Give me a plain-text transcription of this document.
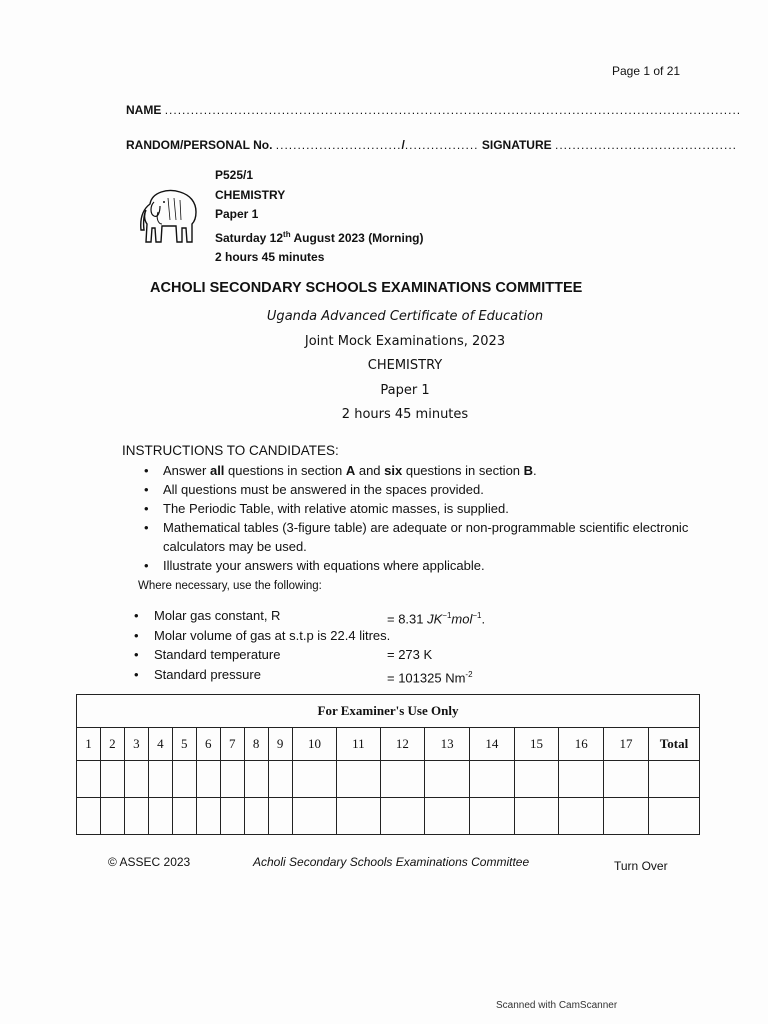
Page 1 of 21
NAME .....................................................................................................................................
RANDOM/PERSONAL No. ............................./................. SIGNATURE ..........................................
P525/1
CHEMISTRY
Paper 1
Saturday 12th August 2023 (Morning)
2 hours 45 minutes
ACHOLI SECONDARY SCHOOLS EXAMINATIONS COMMITTEE
Uganda Advanced Certificate of Education
Joint Mock Examinations, 2023
CHEMISTRY
Paper 1
2 hours 45 minutes
INSTRUCTIONS TO CANDIDATES:
• Answer all questions in section A and six questions in section B.
• All questions must be answered in the spaces provided.
• The Periodic Table, with relative atomic masses, is supplied.
• Mathematical tables (3-figure table) are adequate or non-programmable scientific electronic calculators may be used.
• Illustrate your answers with equations where applicable.
Where necessary, use the following:
• Molar gas constant, R	= 8.31 $JK^{-1}mol^{-1}$.
• Molar volume of gas at s.t.p is 22.4 litres.
• Standard temperature	= 273 K
• Standard pressure	= 101325 $Nm^{-2}$
For Examiner's Use Only																	
1	2	3	4	5	6	7	8	9	10	11	12	13	14	15	16	17	Total

© ASSEC 2023	Acholi Secondary Schools Examinations Committee	Turn Over
Scanned with CamScanner
